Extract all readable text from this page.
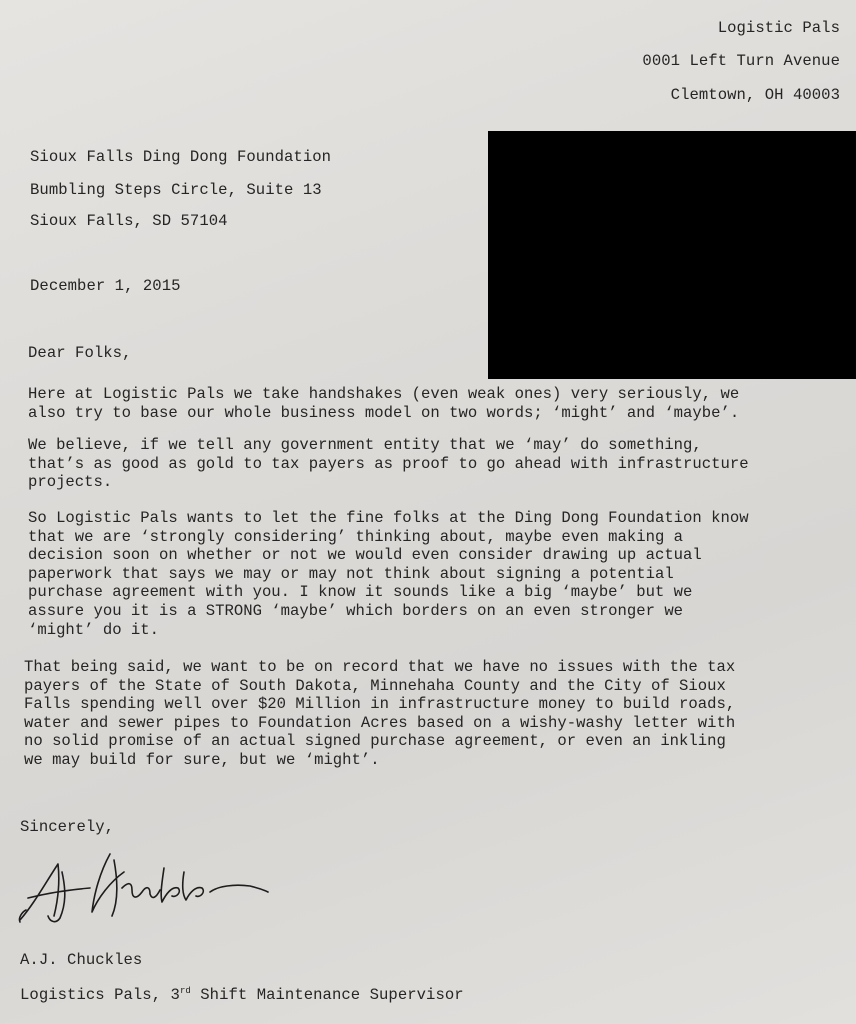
Logistic Pals
0001 Left Turn Avenue
Clemtown, OH 40003
Sioux Falls Ding Dong Foundation
Bumbling Steps Circle, Suite 13
Sioux Falls, SD 57104
December 1, 2015
Dear Folks,
Here at Logistic Pals we take handshakes (even weak ones) very seriously, we
also try to base our whole business model on two words; ‘might’ and ‘maybe’.
We believe, if we tell any government entity that we ‘may’ do something,
that’s as good as gold to tax payers as proof to go ahead with infrastructure
projects.
So Logistic Pals wants to let the fine folks at the Ding Dong Foundation know
that we are ‘strongly considering’ thinking about, maybe even making a
decision soon on whether or not we would even consider drawing up actual
paperwork that says we may or may not think about signing a potential
purchase agreement with you. I know it sounds like a big ‘maybe’ but we
assure you it is a STRONG ‘maybe’ which borders on an even stronger we
‘might’ do it.
That being said, we want to be on record that we have no issues with the tax
payers of the State of South Dakota, Minnehaha County and the City of Sioux
Falls spending well over $20 Million in infrastructure money to build roads,
water and sewer pipes to Foundation Acres based on a wishy-washy letter with
no solid promise of an actual signed purchase agreement, or even an inkling
we may build for sure, but we ‘might’.
Sincerely,
A.J. Chuckles
Logistics Pals, 3rd Shift Maintenance Supervisor
